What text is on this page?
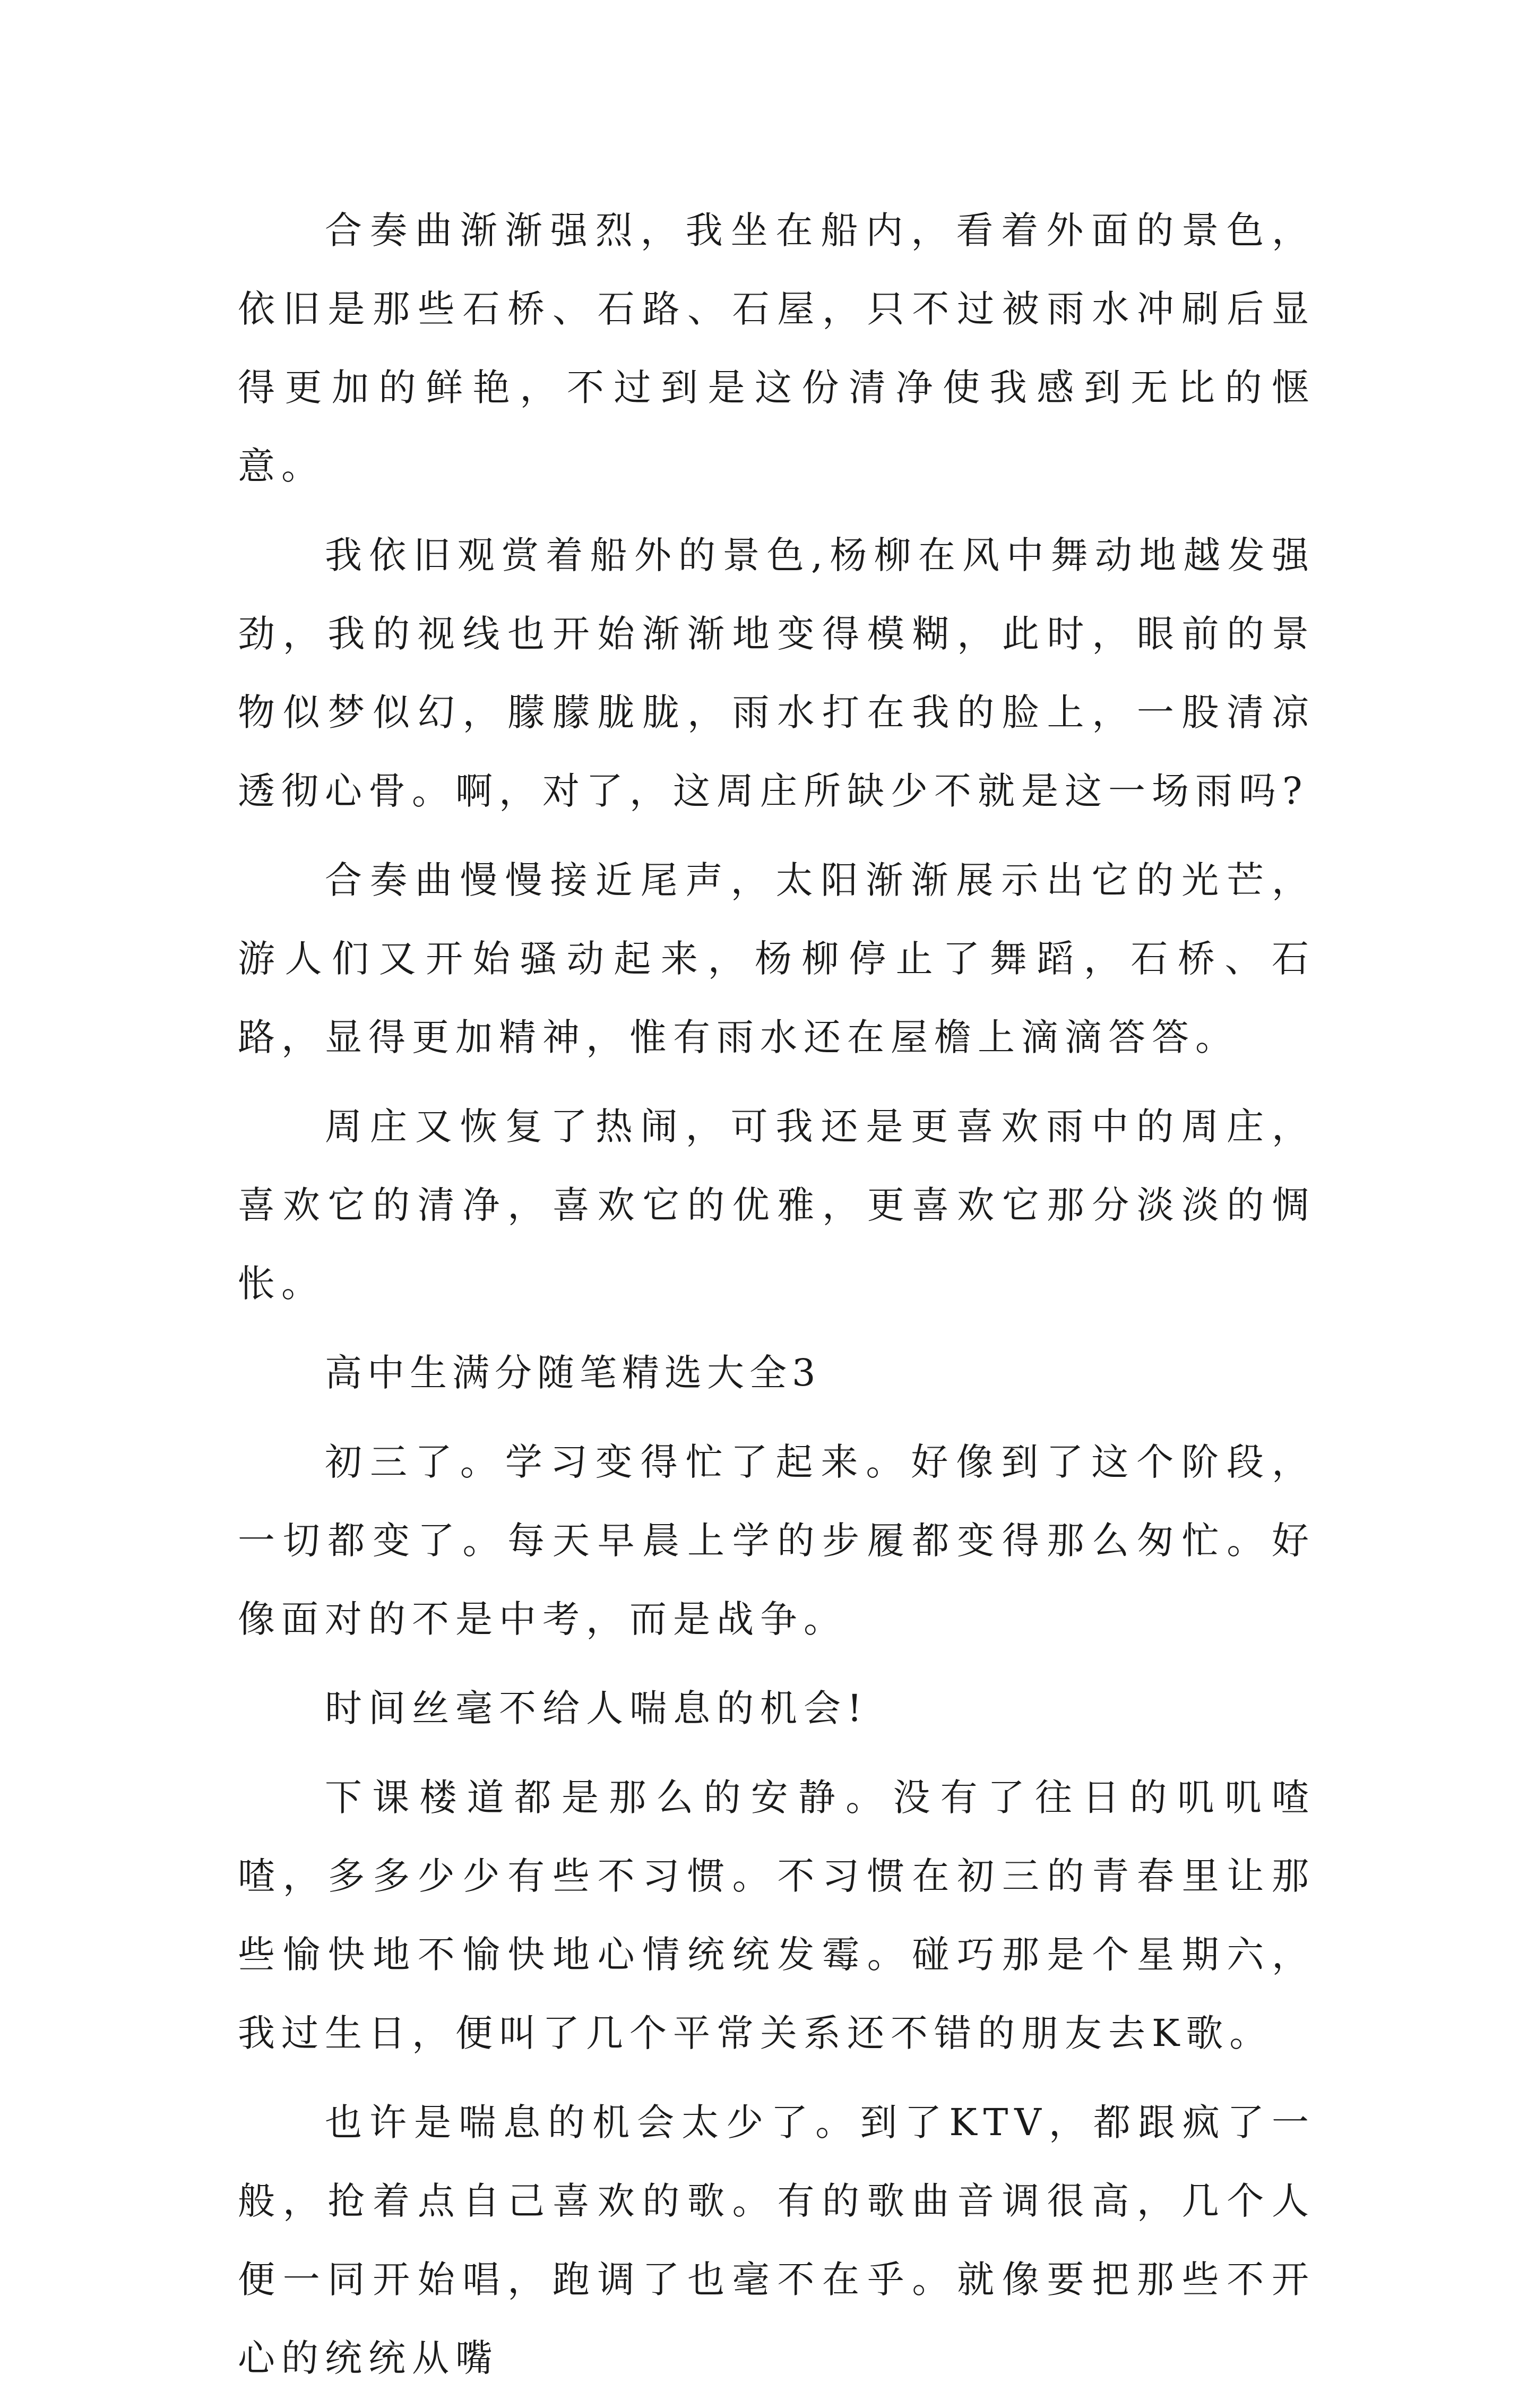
合奏曲渐渐强烈，我坐在船内，看着外面的景色，依旧是那些石桥、石路、石屋，只不过被雨水冲刷后显得更加的鲜艳，不过到是这份清净使我感到无比的惬意。

我依旧观赏着船外的景色,杨柳在风中舞动地越发强劲，我的视线也开始渐渐地变得模糊，此时，眼前的景物似梦似幻，朦朦胧胧，雨水打在我的脸上，一股清凉透彻心骨。啊，对了，这周庄所缺少不就是这一场雨吗?

合奏曲慢慢接近尾声，太阳渐渐展示出它的光芒，游人们又开始骚动起来，杨柳停止了舞蹈，石桥、石路，显得更加精神，惟有雨水还在屋檐上滴滴答答。

周庄又恢复了热闹，可我还是更喜欢雨中的周庄，喜欢它的清净，喜欢它的优雅，更喜欢它那分淡淡的惆怅。

高中生满分随笔精选大全3

初三了。学习变得忙了起来。好像到了这个阶段，一切都变了。每天早晨上学的步履都变得那么匆忙。好像面对的不是中考，而是战争。

时间丝毫不给人喘息的机会!

下课楼道都是那么的安静。没有了往日的叽叽喳喳，多多少少有些不习惯。不习惯在初三的青春里让那些愉快地不愉快地心情统统发霉。碰巧那是个星期六，我过生日，便叫了几个平常关系还不错的朋友去K歌。

也许是喘息的机会太少了。到了KTV，都跟疯了一般，抢着点自己喜欢的歌。有的歌曲音调很高，几个人便一同开始唱，跑调了也毫不在乎。就像要把那些不开心的统统从嘴
